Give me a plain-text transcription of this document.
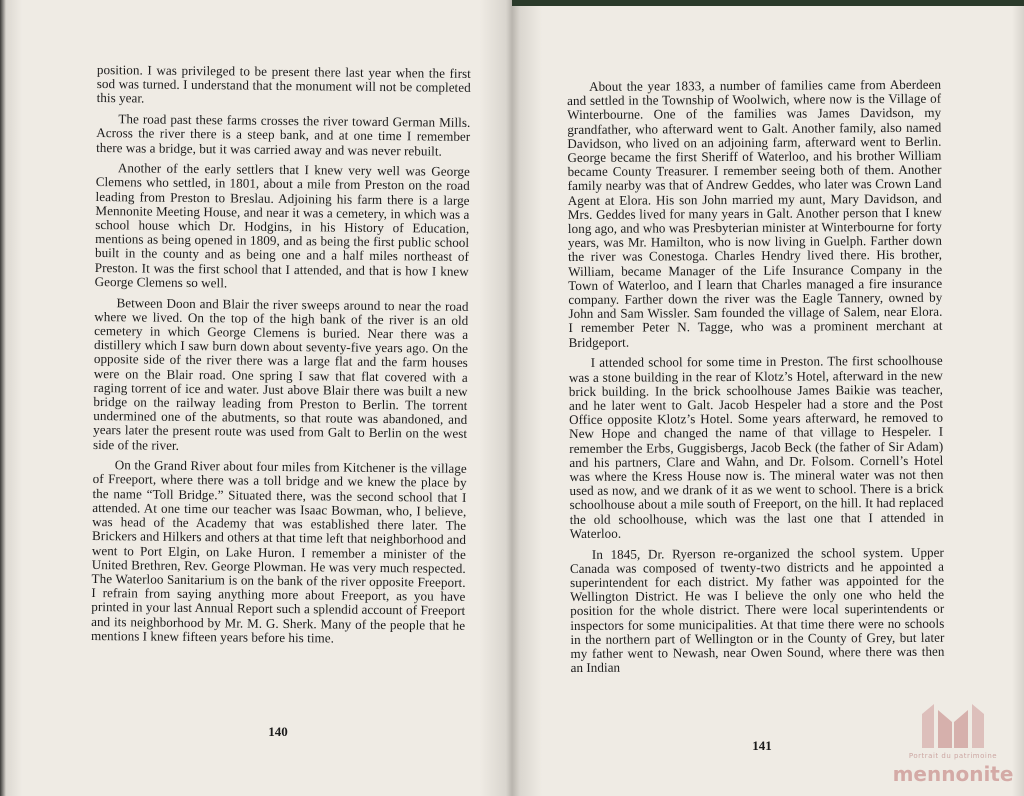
position. I was privileged to be present there last year when the first sod was turned. I understand that the monument will not be completed this year.

The road past these farms crosses the river toward German Mills. Across the river there is a steep bank, and at one time I remember there was a bridge, but it was carried away and was never rebuilt.

Another of the early settlers that I knew very well was George Clemens who settled, in 1801, about a mile from Preston on the road leading from Preston to Breslau. Adjoining his farm there is a large Mennonite Meeting House, and near it was a cemetery, in which was a school house which Dr. Hodgins, in his History of Education, mentions as being opened in 1809, and as being the first public school built in the county and as being one and a half miles northeast of Preston. It was the first school that I attended, and that is how I knew George Clemens so well.

Between Doon and Blair the river sweeps around to near the road where we lived. On the top of the high bank of the river is an old cemetery in which George Clemens is buried. Near there was a distillery which I saw burn down about seventy-five years ago. On the opposite side of the river there was a large flat and the farm houses were on the Blair road. One spring I saw that flat covered with a raging torrent of ice and water. Just above Blair there was built a new bridge on the railway leading from Preston to Berlin. The torrent undermined one of the abutments, so that route was abandoned, and years later the present route was used from Galt to Berlin on the west side of the river.

On the Grand River about four miles from Kitchener is the village of Freeport, where there was a toll bridge and we knew the place by the name “Toll Bridge.” Situated there, was the second school that I attended. At one time our teacher was Isaac Bowman, who, I believe, was head of the Academy that was established there later. The Brickers and Hilkers and others at that time left that neighborhood and went to Port Elgin, on Lake Huron. I remember a minister of the United Brethren, Rev. George Plowman. He was very much respected. The Waterloo Sanitarium is on the bank of the river opposite Freeport. I refrain from saying anything more about Freeport, as you have printed in your last Annual Report such a splendid account of Freeport and its neighborhood by Mr. M. G. Sherk. Many of the people that he mentions I knew fifteen years before his time.

140

About the year 1833, a number of families came from Aberdeen and settled in the Township of Woolwich, where now is the Village of Winterbourne. One of the families was James Davidson, my grandfather, who afterward went to Galt. Another family, also named Davidson, who lived on an adjoining farm, afterward went to Berlin. George became the first Sheriff of Waterloo, and his brother William became County Treasurer. I remember seeing both of them. Another family nearby was that of Andrew Geddes, who later was Crown Land Agent at Elora. His son John married my aunt, Mary Davidson, and Mrs. Geddes lived for many years in Galt. Another person that I knew long ago, and who was Presbyterian minister at Winterbourne for forty years, was Mr. Hamilton, who is now living in Guelph. Farther down the river was Conestoga. Charles Hendry lived there. His brother, William, became Manager of the Life Insurance Company in the Town of Waterloo, and I learn that Charles managed a fire insurance company. Farther down the river was the Eagle Tannery, owned by John and Sam Wissler. Sam founded the village of Salem, near Elora. I remember Peter N. Tagge, who was a prominent merchant at Bridgeport.

I attended school for some time in Preston. The first schoolhouse was a stone building in the rear of Klotz’s Hotel, afterward in the new brick building. In the brick schoolhouse James Baikie was teacher, and he later went to Galt. Jacob Hespeler had a store and the Post Office opposite Klotz’s Hotel. Some years afterward, he removed to New Hope and changed the name of that village to Hespeler. I remember the Erbs, Guggisbergs, Jacob Beck (the father of Sir Adam) and his partners, Clare and Wahn, and Dr. Folsom. Cornell’s Hotel was where the Kress House now is. The mineral water was not then used as now, and we drank of it as we went to school. There is a brick schoolhouse about a mile south of Freeport, on the hill. It had replaced the old schoolhouse, which was the last one that I attended in Waterloo.

In 1845, Dr. Ryerson re-organized the school system. Upper Canada was composed of twenty-two districts and he appointed a superintendent for each district. My father was appointed for the Wellington District. He was I believe the only one who held the position for the whole district. There were local superintendents or inspectors for some municipalities. At that time there were no schools in the northern part of Wellington or in the County of Grey, but later my father went to Newash, near Owen Sound, where there was then an Indian

141
Portrait du patrimoine
mennonite
